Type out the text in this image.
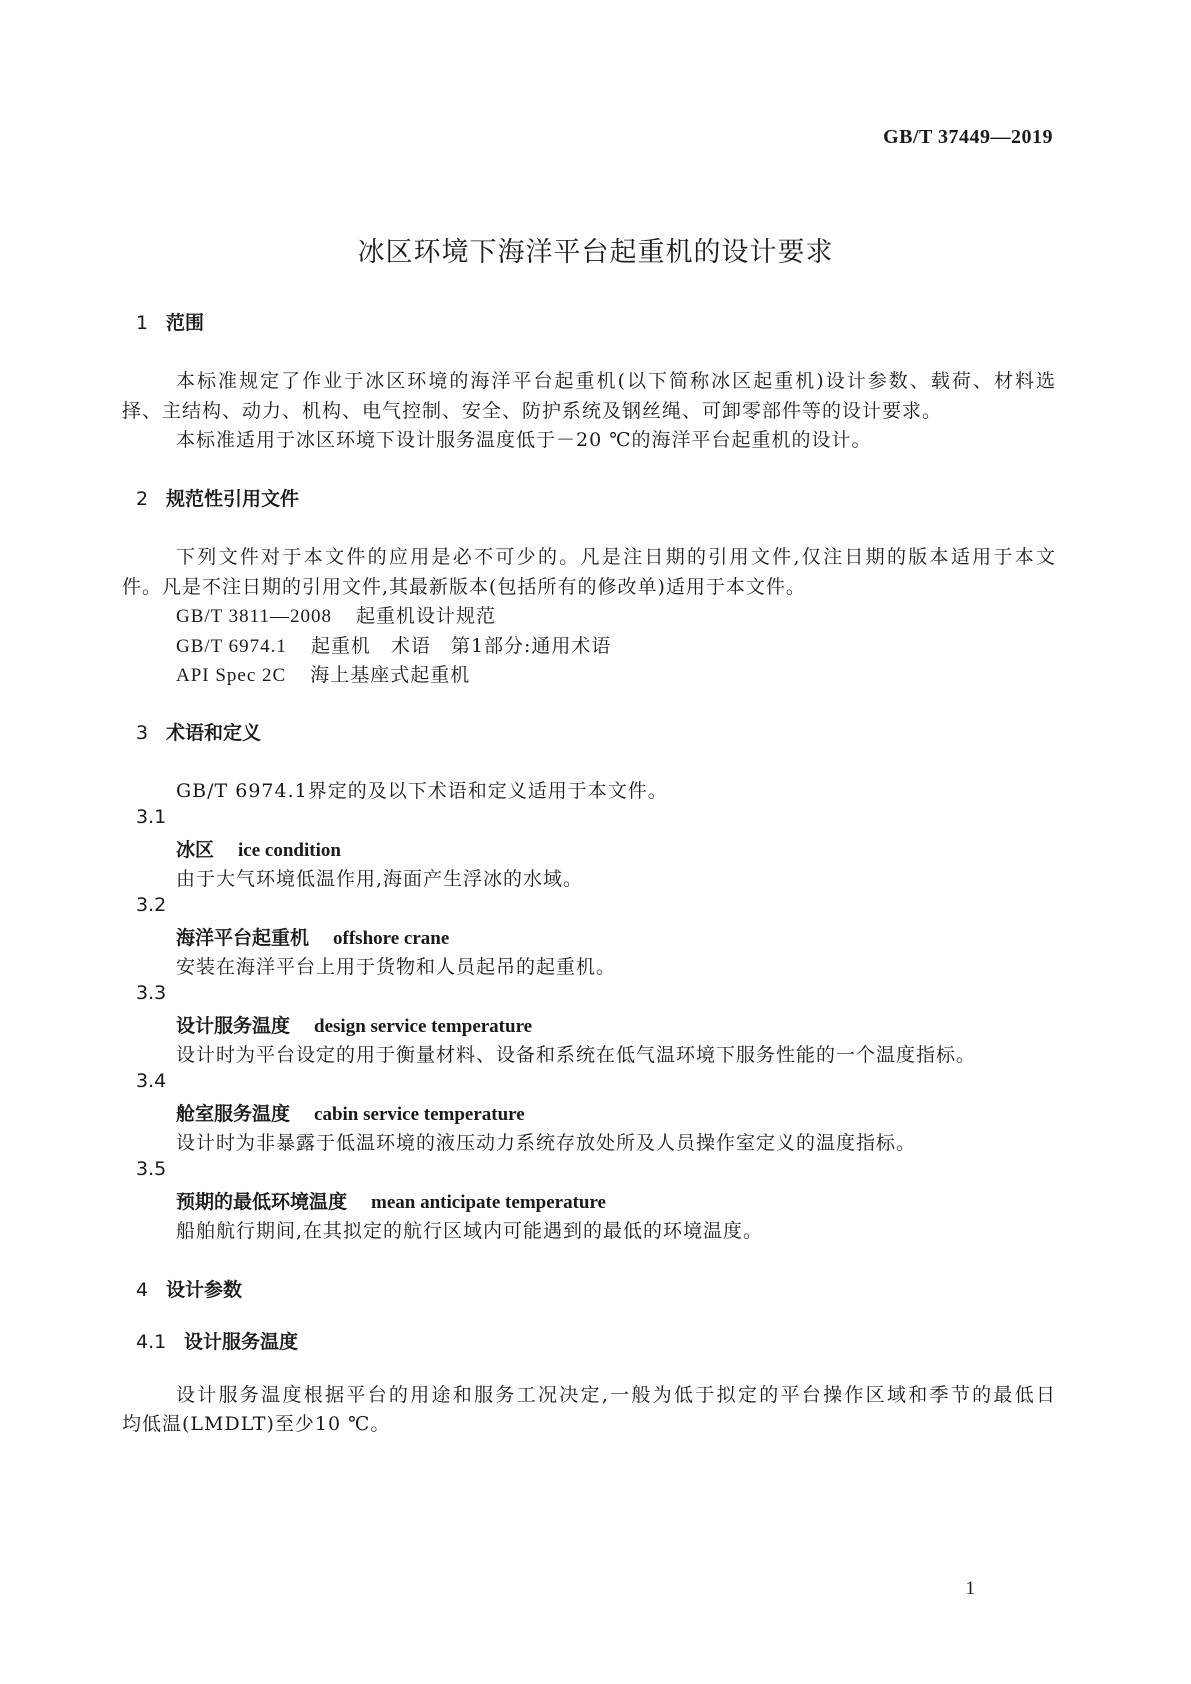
GB/T 37449—2019
冰区环境下海洋平台起重机的设计要求
1 范围
本标准规定了作业于冰区环境的海洋平台起重机(以下简称冰区起重机)设计参数、载荷、材料选
择、主结构、动力、机构、电气控制、安全、防护系统及钢丝绳、可卸零部件等的设计要求。
本标准适用于冰区环境下设计服务温度低于－20 ℃的海洋平台起重机的设计。
2 规范性引用文件
下列文件对于本文件的应用是必不可少的。凡是注日期的引用文件,仅注日期的版本适用于本文
件。凡是不注日期的引用文件,其最新版本(包括所有的修改单)适用于本文件。
GB/T 3811—2008 起重机设计规范
GB/T 6974.1 起重机　术语　第1部分:通用术语
API Spec 2C 海上基座式起重机
3 术语和定义
GB/T 6974.1界定的及以下术语和定义适用于本文件。
3.1
冰区 ice condition
由于大气环境低温作用,海面产生浮冰的水域。
3.2
海洋平台起重机 offshore crane
安装在海洋平台上用于货物和人员起吊的起重机。
3.3
设计服务温度 design service temperature
设计时为平台设定的用于衡量材料、设备和系统在低气温环境下服务性能的一个温度指标。
3.4
舱室服务温度 cabin service temperature
设计时为非暴露于低温环境的液压动力系统存放处所及人员操作室定义的温度指标。
3.5
预期的最低环境温度 mean anticipate temperature
船舶航行期间,在其拟定的航行区域内可能遇到的最低的环境温度。
4 设计参数
4.1 设计服务温度
设计服务温度根据平台的用途和服务工况决定,一般为低于拟定的平台操作区域和季节的最低日
均低温(LMDLT)至少10 ℃。
1
